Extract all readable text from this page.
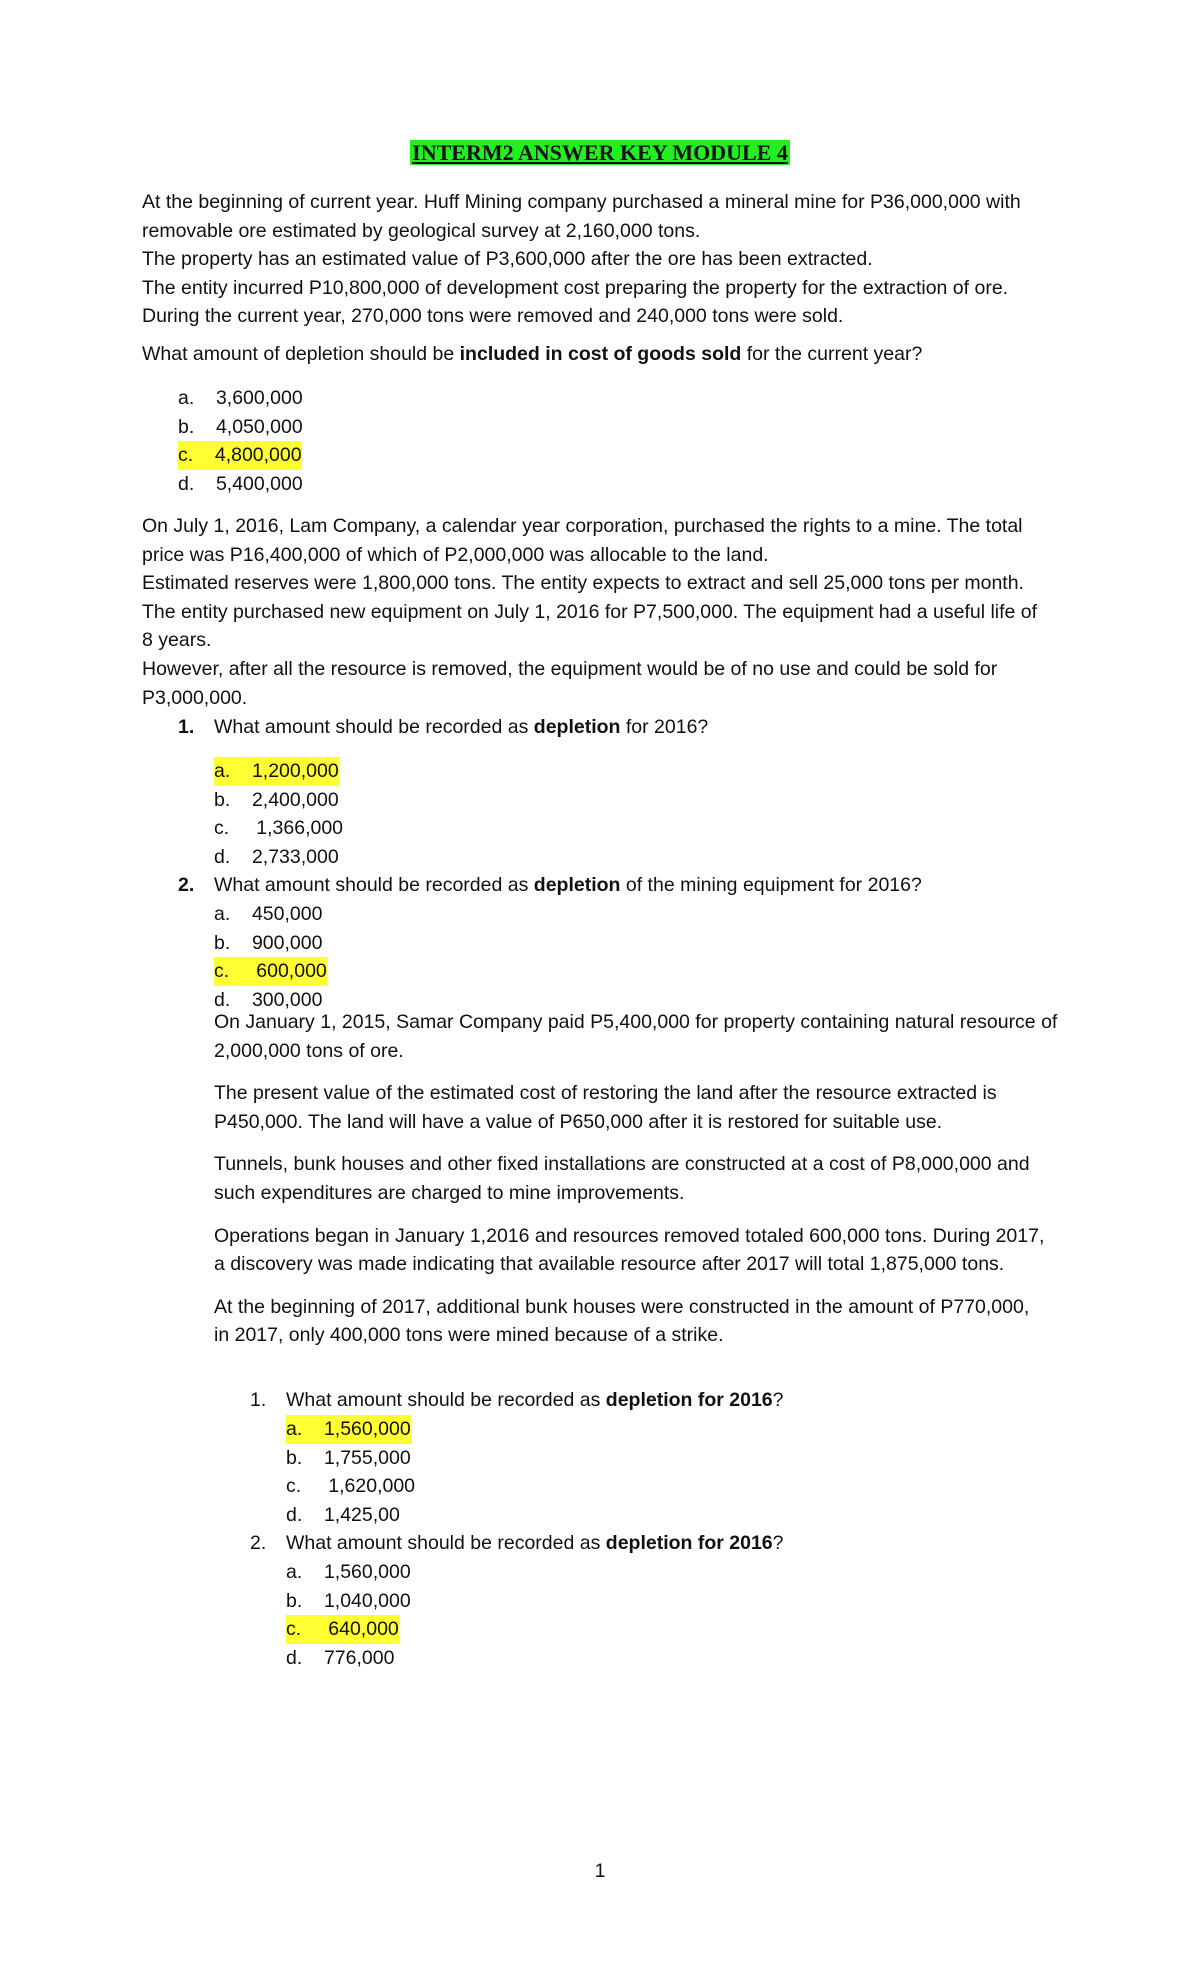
INTERM2 ANSWER KEY MODULE 4

At the beginning of current year. Huff Mining company purchased a mineral mine for P36,000,000 with

removable ore estimated by geological survey at 2,160,000 tons.

The property has an estimated value of P3,600,000 after the ore has been extracted.

The entity incurred P10,800,000 of development cost preparing the property for the extraction of ore.

During the current year, 270,000 tons were removed and 240,000 tons were sold.

What amount of depletion should be included in cost of goods sold for the current year?

a. 3,600,000
b. 4,050,000
c. 4,800,000
d. 5,400,000

On July 1, 2016, Lam Company, a calendar year corporation, purchased the rights to a mine. The total

price was P16,400,000 of which of P2,000,000 was allocable to the land.

Estimated reserves were 1,800,000 tons. The entity expects to extract and sell 25,000 tons per month.

The entity purchased new equipment on July 1, 2016 for P7,500,000. The equipment had a useful life of

8 years.

However, after all the resource is removed, the equipment would be of no use and could be sold for

P3,000,000.

1. What amount should be recorded as depletion for 2016?
a. 1,200,000
b. 2,400,000
c. 1,366,000
d. 2,733,000
2. What amount should be recorded as depletion of the mining equipment for 2016?
a. 450,000
b. 900,000
c. 600,000
d. 300,000

On January 1, 2015, Samar Company paid P5,400,000 for property containing natural resource of

2,000,000 tons of ore.

The present value of the estimated cost of restoring the land after the resource extracted is

P450,000. The land will have a value of P650,000 after it is restored for suitable use.

Tunnels, bunk houses and other fixed installations are constructed at a cost of P8,000,000 and

such expenditures are charged to mine improvements.

Operations began in January 1,2016 and resources removed totaled 600,000 tons. During 2017,

a discovery was made indicating that available resource after 2017 will total 1,875,000 tons.

At the beginning of 2017, additional bunk houses were constructed in the amount of P770,000,

in 2017, only 400,000 tons were mined because of a strike.

1. What amount should be recorded as depletion for 2016?
a. 1,560,000
b. 1,755,000
c. 1,620,000
d. 1,425,00
2. What amount should be recorded as depletion for 2016?
a. 1,560,000
b. 1,040,000
c. 640,000
d. 776,000
1
